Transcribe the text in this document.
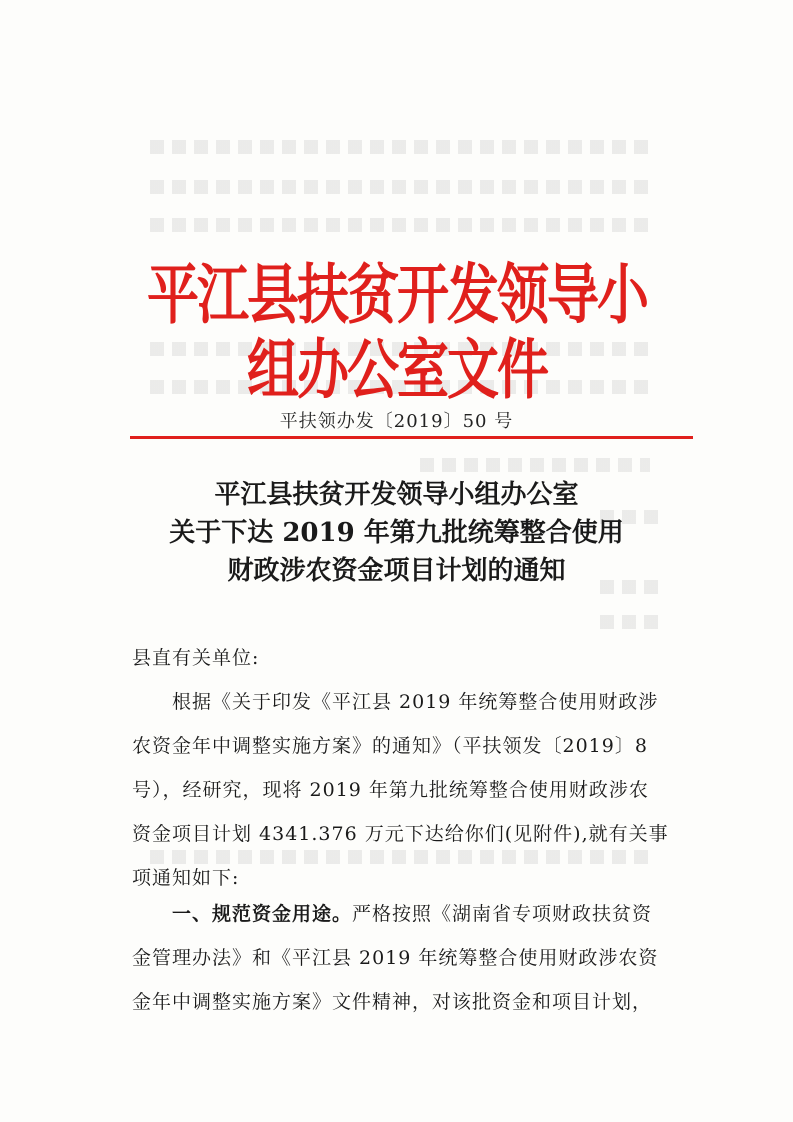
平江县扶贫开发领导小组办公室文件
平扶领办发〔2019〕50 号
平江县扶贫开发领导小组办公室
关于下达 2019 年第九批统筹整合使用
财政涉农资金项目计划的通知
县直有关单位:
根据《关于印发《平江县 2019 年统筹整合使用财政涉
农资金年中调整实施方案》的通知》（平扶领发〔2019〕8
号），经研究，现将 2019 年第九批统筹整合使用财政涉农
资金项目计划 4341.376 万元下达给你们(见附件),就有关事
项通知如下:
一、规范资金用途。严格按照《湖南省专项财政扶贫资
金管理办法》和《平江县 2019 年统筹整合使用财政涉农资
金年中调整实施方案》文件精神，对该批资金和项目计划，
